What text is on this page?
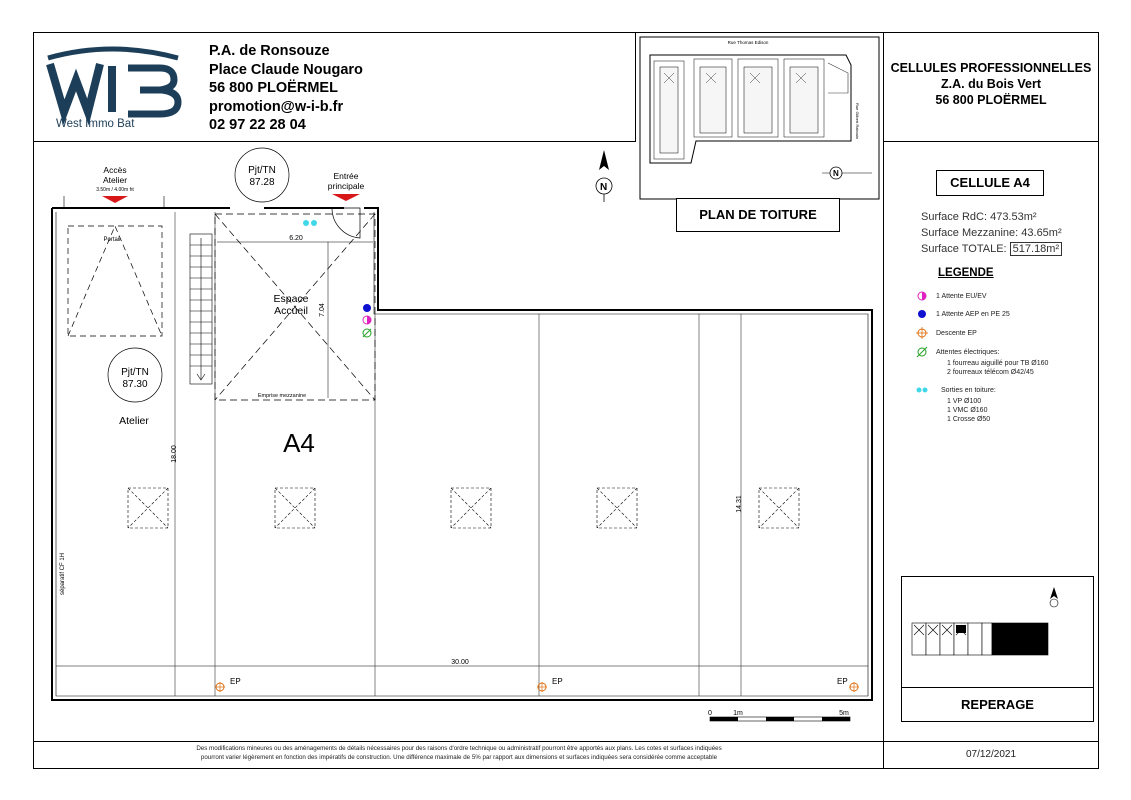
West Immo Bat
P.A. de Ronsouze
Place Claude Nougaro
56 800 PLOËRMEL
promotion@w-i-b.fr
02 97 22 28 04
Rue Thomas Edison
Rue Gilbert Rabouin
N
PLAN DE TOITURE
CELLULES PROFESSIONNELLES
Z.A. du Bois Vert
56 800 PLOËRMEL
CELLULE A4
Surface RdC: 473.53m²
Surface Mezzanine: 43.65m²
Surface TOTALE: 517.18m²
LEGENDE
1 Attente EU/EV
1 Attente AEP en PE 25
Descente EP
Attentes électriques:
1 fourreau aiguillé pour TB Ø160
2 fourreaux télécom Ø42/45
Sorties en toiture:
1 VP Ø100
1 VMC Ø160
1 Crosse Ø50
REPERAGE
Portail
Accès
Atelier
3.50m / 4.00m ht
Entrée
principale
Pjt/TN
87.28
Pjt/TN
87.30
Atelier
6.20
7.04
Espace
Accueil
Emprise mezzanine
A4
18.00
14.31
30.00
séparatif CF 1H
EP	EP	EP
N
0	1m	5m
Des modifications mineures ou des aménagements de détails nécessaires pour des raisons d'ordre technique ou administratif pourront être apportés aux plans. Les cotes et surfaces indiquées
pourront varier légèrement en fonction des impératifs de construction. Une différence maximale de 5% par rapport aux dimensions et surfaces indiquées sera considérée comme acceptable	07/12/2021
